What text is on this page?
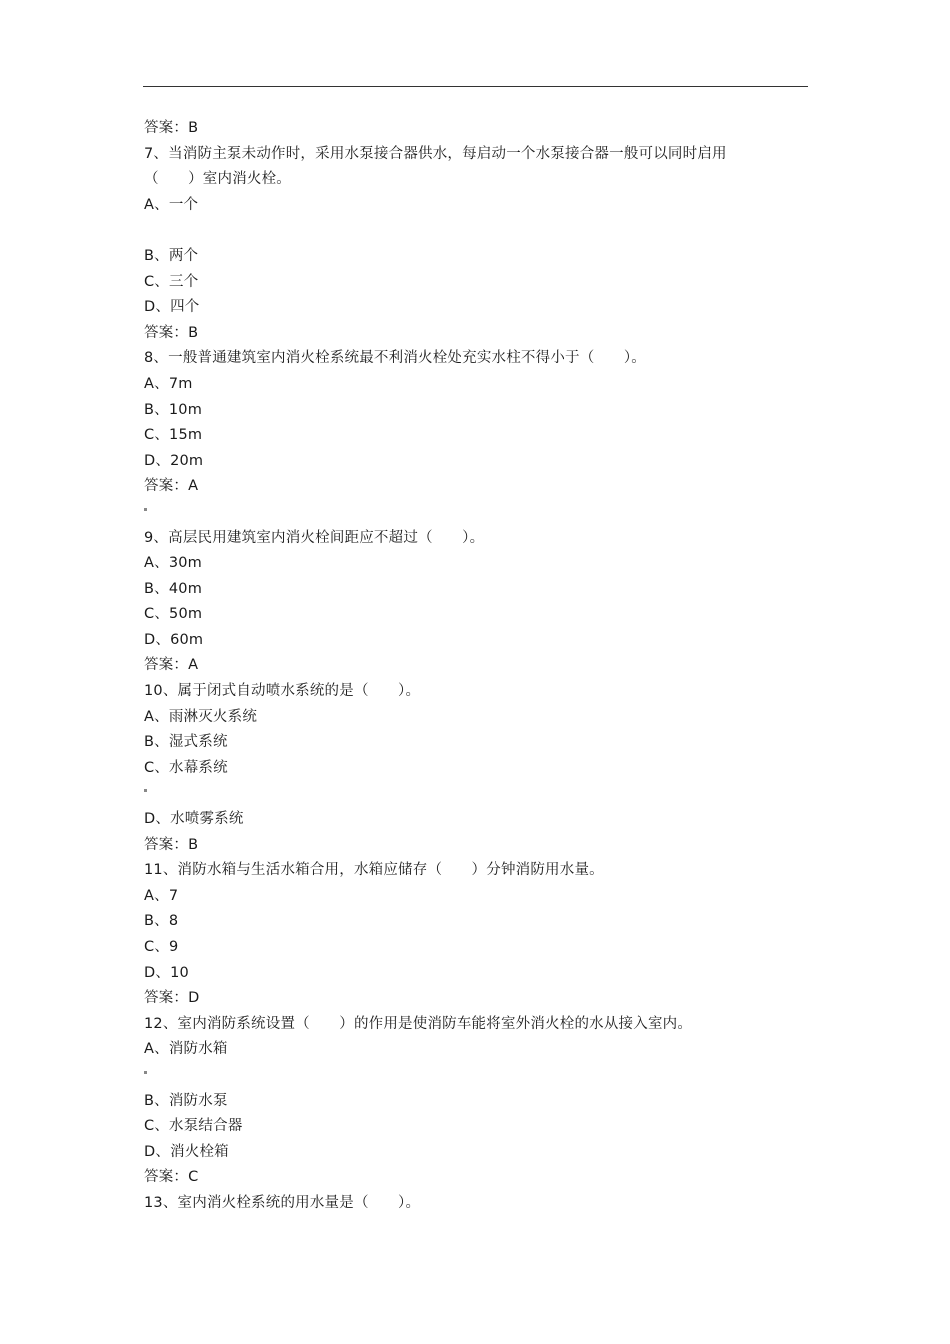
答案：B
7、当消防主泵未动作时，采用水泵接合器供水，每启动一个水泵接合器一般可以同时启用
（　　）室内消火栓。
A、一个
B、两个
C、三个
D、四个
答案：B
8、一般普通建筑室内消火栓系统最不利消火栓处充实水柱不得小于（　　）。
A、7m
B、10m
C、15m
D、20m
答案：A
9、高层民用建筑室内消火栓间距应不超过（　　）。
A、30m
B、40m
C、50m
D、60m
答案：A
10、属于闭式自动喷水系统的是（　　）。
A、雨淋灭火系统
B、湿式系统
C、水幕系统
D、水喷雾系统
答案：B
11、消防水箱与生活水箱合用，水箱应储存（　　）分钟消防用水量。
A、7
B、8
C、9
D、10
答案：D
12、室内消防系统设置（　　）的作用是使消防车能将室外消火栓的水从接入室内。
A、消防水箱
B、消防水泵
C、水泵结合器
D、消火栓箱
答案：C
13、室内消火栓系统的用水量是（　　）。
